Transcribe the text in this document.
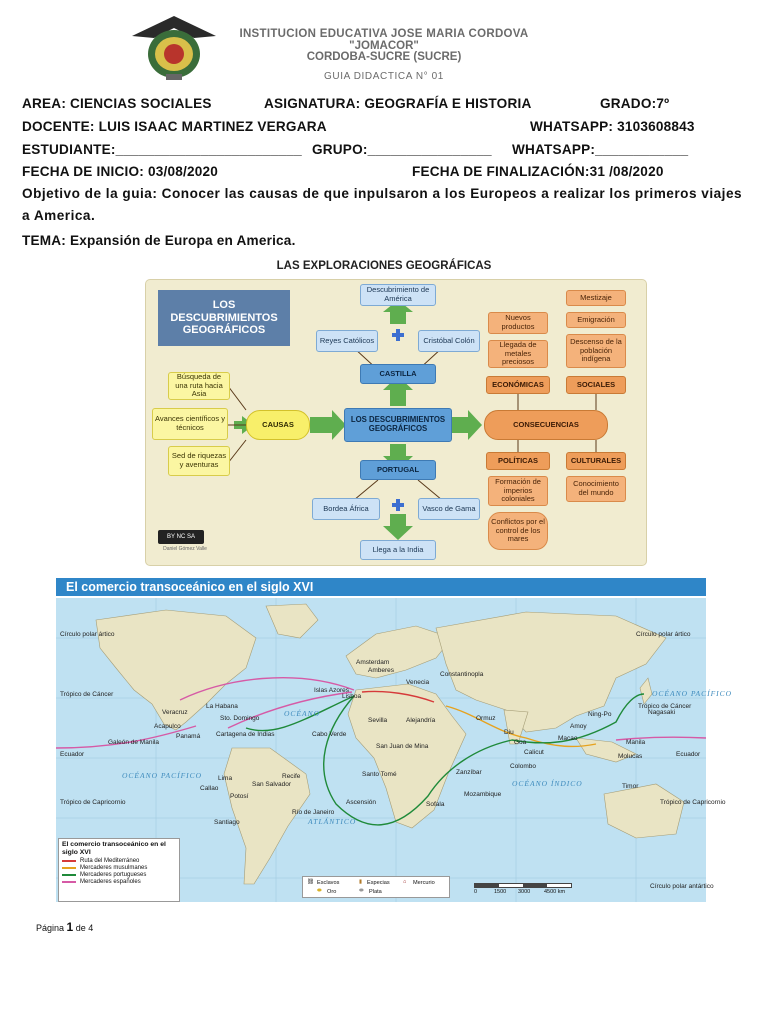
INSTITUCION EDUCATIVA JOSE MARIA CORDOVA
"JOMACOR"
CORDOBA-SUCRE (SUCRE)
GUIA DIDACTICA N° 01
AREA: CIENCIAS SOCIALES	ASIGNATURA: GEOGRAFÍA E HISTORIA	GRADO:7º
DOCENTE: LUIS ISAAC MARTINEZ VERGARA	WHATSAPP: 3103608843
ESTUDIANTE:________________________ GRUPO:________________ WHATSAPP:____________
FECHA DE INICIO: 03/08/2020	FECHA DE FINALIZACIÓN:31 /08/2020
Objetivo de la guia: Conocer las causas de que inpulsaron a los Europeos a realizar los primeros viajes a America.
TEMA: Expansión de Europa en America.
LAS EXPLORACIONES GEOGRÁFICAS
LOS DESCUBRIMIENTOS GEOGRÁFICOS
Descubrimiento de América
Reyes Católicos	Cristóbal Colón
CASTILLA
LOS DESCUBRIMIENTOS GEOGRÁFICOS
PORTUGAL
Bordea África	Vasco de Gama
Llega a la India
Búsqueda de una ruta hacia Asia
Avances científicos y técnicos
Sed de riquezas y aventuras
CAUSAS
Nuevos productos
Llegada de metales preciosos
ECONÓMICAS
Mestizaje
Emigración
Descenso de la población indígena
SOCIALES
CONSECUENCIAS
POLÍTICAS	CULTURALES
Formación de imperios coloniales
Conflictos por el control de los mares
Conocimiento del mundo
BY NC SA
Daniel Gómez Valle
El comercio transoceánico en el siglo XVI
Círculo polar ártico	Círculo polar ártico
Trópico de Cáncer
Trópico de Cáncer
Ecuador	Ecuador
Trópico de Capricornio	Trópico de Capricornio
Círculo polar antártico
OCÉANO
OCÉANO PACÍFICO
OCÉANO PACÍFICO
ATLÁNTICO
OCÉANO ÍNDICO
Amsterdam
Amberes
Venecia
Constantinopla
Lisboa
Islas Azores
Sevilla	Alejandría	Ormuz
Diu
Goa
Calicut
Colombo
Ning-Po	Nagasaki
Amoy
Macao
Manila
Molucas
Timor
Veracruz
La Habana
Sto. Domingo
Acapulco
Panamá Cartagena de Indias
Lima
Callao
Potosí
San Salvador
Recife
Río de Janeiro
Santiago
Cabo Verde
San Juan de Mina
Santo Tomé
Ascensión
Zanzíbar
Mozambique
Sofala
Galeón de Manila
El comercio transoceánico en el siglo XVI
Ruta del Mediterráneo
Mercaderes musulmanes
Mercaderes portugueses
Mercaderes españoles	⛓ Esclavos	▮ Especias ⌂ Mercurio
⬬ Oro	⬬ Plata	0	1500 3000	4500 km
Página 1 de 4
